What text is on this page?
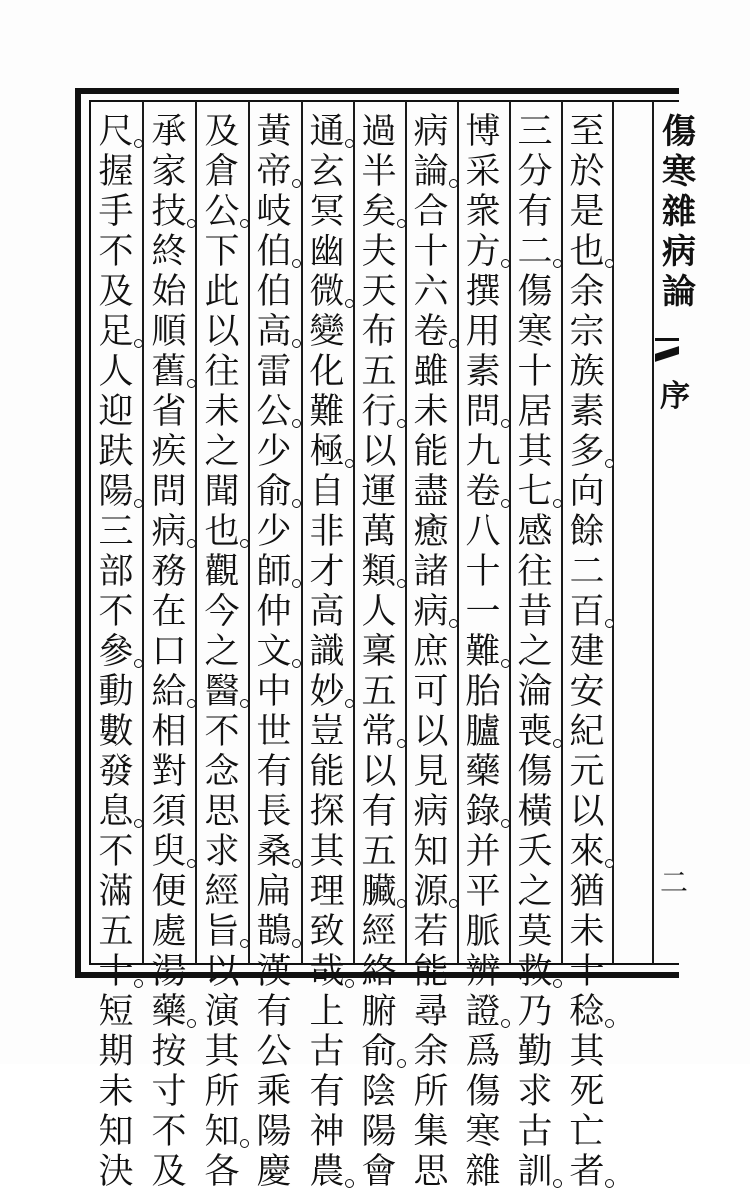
至
於
是
也
余
宗
族
素
多
向
餘
二
百
建
安
紀
元
以
來
猶
未
十
稔
其
死
亡
者
三
分
有
二
傷
寒
十
居
其
七
感
往
昔
之
淪
喪
傷
橫
夭
之
莫
救
乃
勤
求
古
訓
博
采
衆
方
撰
用
素
問
九
卷
八
十
一
難
胎
臚
藥
錄
并
平
脈
辨
證
爲
傷
寒
雜
病
論
合
十
六
卷
雖
未
能
盡
癒
諸
病
庶
可
以
見
病
知
源
若
能
尋
余
所
集
思
過
半
矣
夫
天
布
五
行
以
運
萬
類
人
稟
五
常
以
有
五
臟
經
絡
腑
俞
陰
陽
會
通
玄
冥
幽
微
變
化
難
極
自
非
才
高
識
妙
豈
能
探
其
理
致
哉
上
古
有
神
農
黃
帝
岐
伯
伯
高
雷
公
少
俞
少
師
仲
文
中
世
有
長
桑
扁
鵲
漢
有
公
乘
陽
慶
及
倉
公
下
此
以
往
未
之
聞
也
觀
今
之
醫
不
念
思
求
經
旨
以
演
其
所
知
各
承
家
技
終
始
順
舊
省
疾
問
病
務
在
口
給
相
對
須
臾
便
處
湯
藥
按
寸
不
及
尺
握
手
不
及
足
人
迎
趺
陽
三
部
不
參
動
數
發
息
不
滿
五
十
短
期
未
知
決
傷
寒
雜
病
論
序
二
